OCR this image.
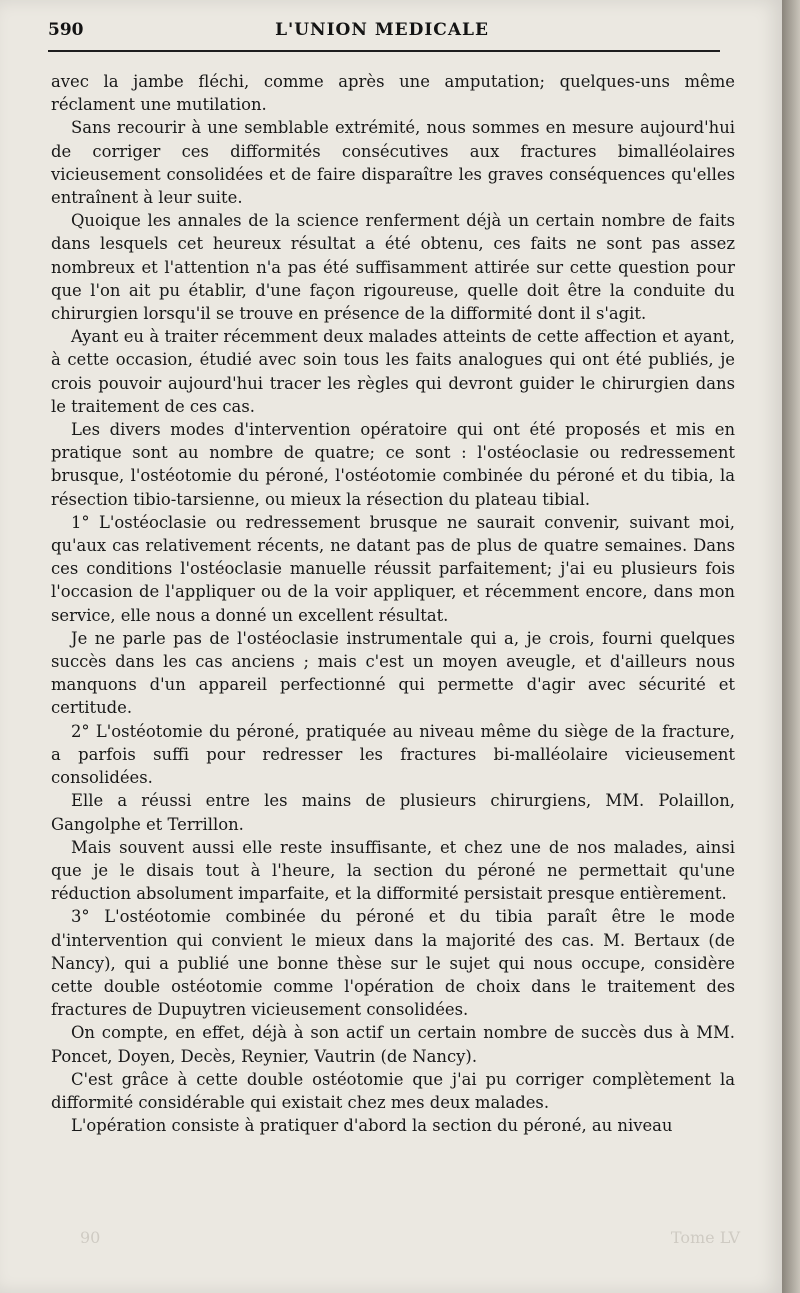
590	L'UNION MEDICALE

avec la jambe fléchi, comme après une amputation; quelques-uns même réclament une mutilation.

Sans recourir à une semblable extrémité, nous sommes en mesure aujourd'hui de corriger ces difformités consécutives aux fractures bimalléolaires vicieusement consolidées et de faire disparaître les graves conséquences qu'elles entraînent à leur suite.

Quoique les annales de la science renferment déjà un certain nombre de faits dans lesquels cet heureux résultat a été obtenu, ces faits ne sont pas assez nombreux et l'attention n'a pas été suffisamment attirée sur cette question pour que l'on ait pu établir, d'une façon rigoureuse, quelle doit être la conduite du chirurgien lorsqu'il se trouve en présence de la difformité dont il s'agit.

Ayant eu à traiter récemment deux malades atteints de cette affection et ayant, à cette occasion, étudié avec soin tous les faits analogues qui ont été publiés, je crois pouvoir aujourd'hui tracer les règles qui devront guider le chirurgien dans le traitement de ces cas.

Les divers modes d'intervention opératoire qui ont été proposés et mis en pratique sont au nombre de quatre; ce sont : l'ostéoclasie ou redressement brusque, l'ostéotomie du péroné, l'ostéotomie combinée du péroné et du tibia, la résection tibio-tarsienne, ou mieux la résection du plateau tibial.

1° L'ostéoclasie ou redressement brusque ne saurait convenir, suivant moi, qu'aux cas relativement récents, ne datant pas de plus de quatre semaines. Dans ces conditions l'ostéoclasie manuelle réussit parfaitement; j'ai eu plusieurs fois l'occasion de l'appliquer ou de la voir appliquer, et récemment encore, dans mon service, elle nous a donné un excellent résultat.

Je ne parle pas de l'ostéoclasie instrumentale qui a, je crois, fourni quelques succès dans les cas anciens ; mais c'est un moyen aveugle, et d'ailleurs nous manquons d'un appareil perfectionné qui permette d'agir avec sécurité et certitude.

2° L'ostéotomie du péroné, pratiquée au niveau même du siège de la fracture, a parfois suffi pour redresser les fractures bi-malléolaire vicieusement consolidées.

Elle a réussi entre les mains de plusieurs chirurgiens, MM. Polaillon, Gangolphe et Terrillon.

Mais souvent aussi elle reste insuffisante, et chez une de nos malades, ainsi que je le disais tout à l'heure, la section du péroné ne permettait qu'une réduction absolument imparfaite, et la difformité persistait presque entièrement.

3° L'ostéotomie combinée du péroné et du tibia paraît être le mode d'intervention qui convient le mieux dans la majorité des cas. M. Bertaux (de Nancy), qui a publié une bonne thèse sur le sujet qui nous occupe, considère cette double ostéotomie comme l'opération de choix dans le traitement des fractures de Dupuytren vicieusement consolidées.

On compte, en effet, déjà à son actif un certain nombre de succès dus à MM. Poncet, Doyen, Decès, Reynier, Vautrin (de Nancy).

C'est grâce à cette double ostéotomie que j'ai pu corriger complètement la difformité considérable qui existait chez mes deux malades.

L'opération consiste à pratiquer d'abord la section du péroné, au niveau

90	Tome LV
